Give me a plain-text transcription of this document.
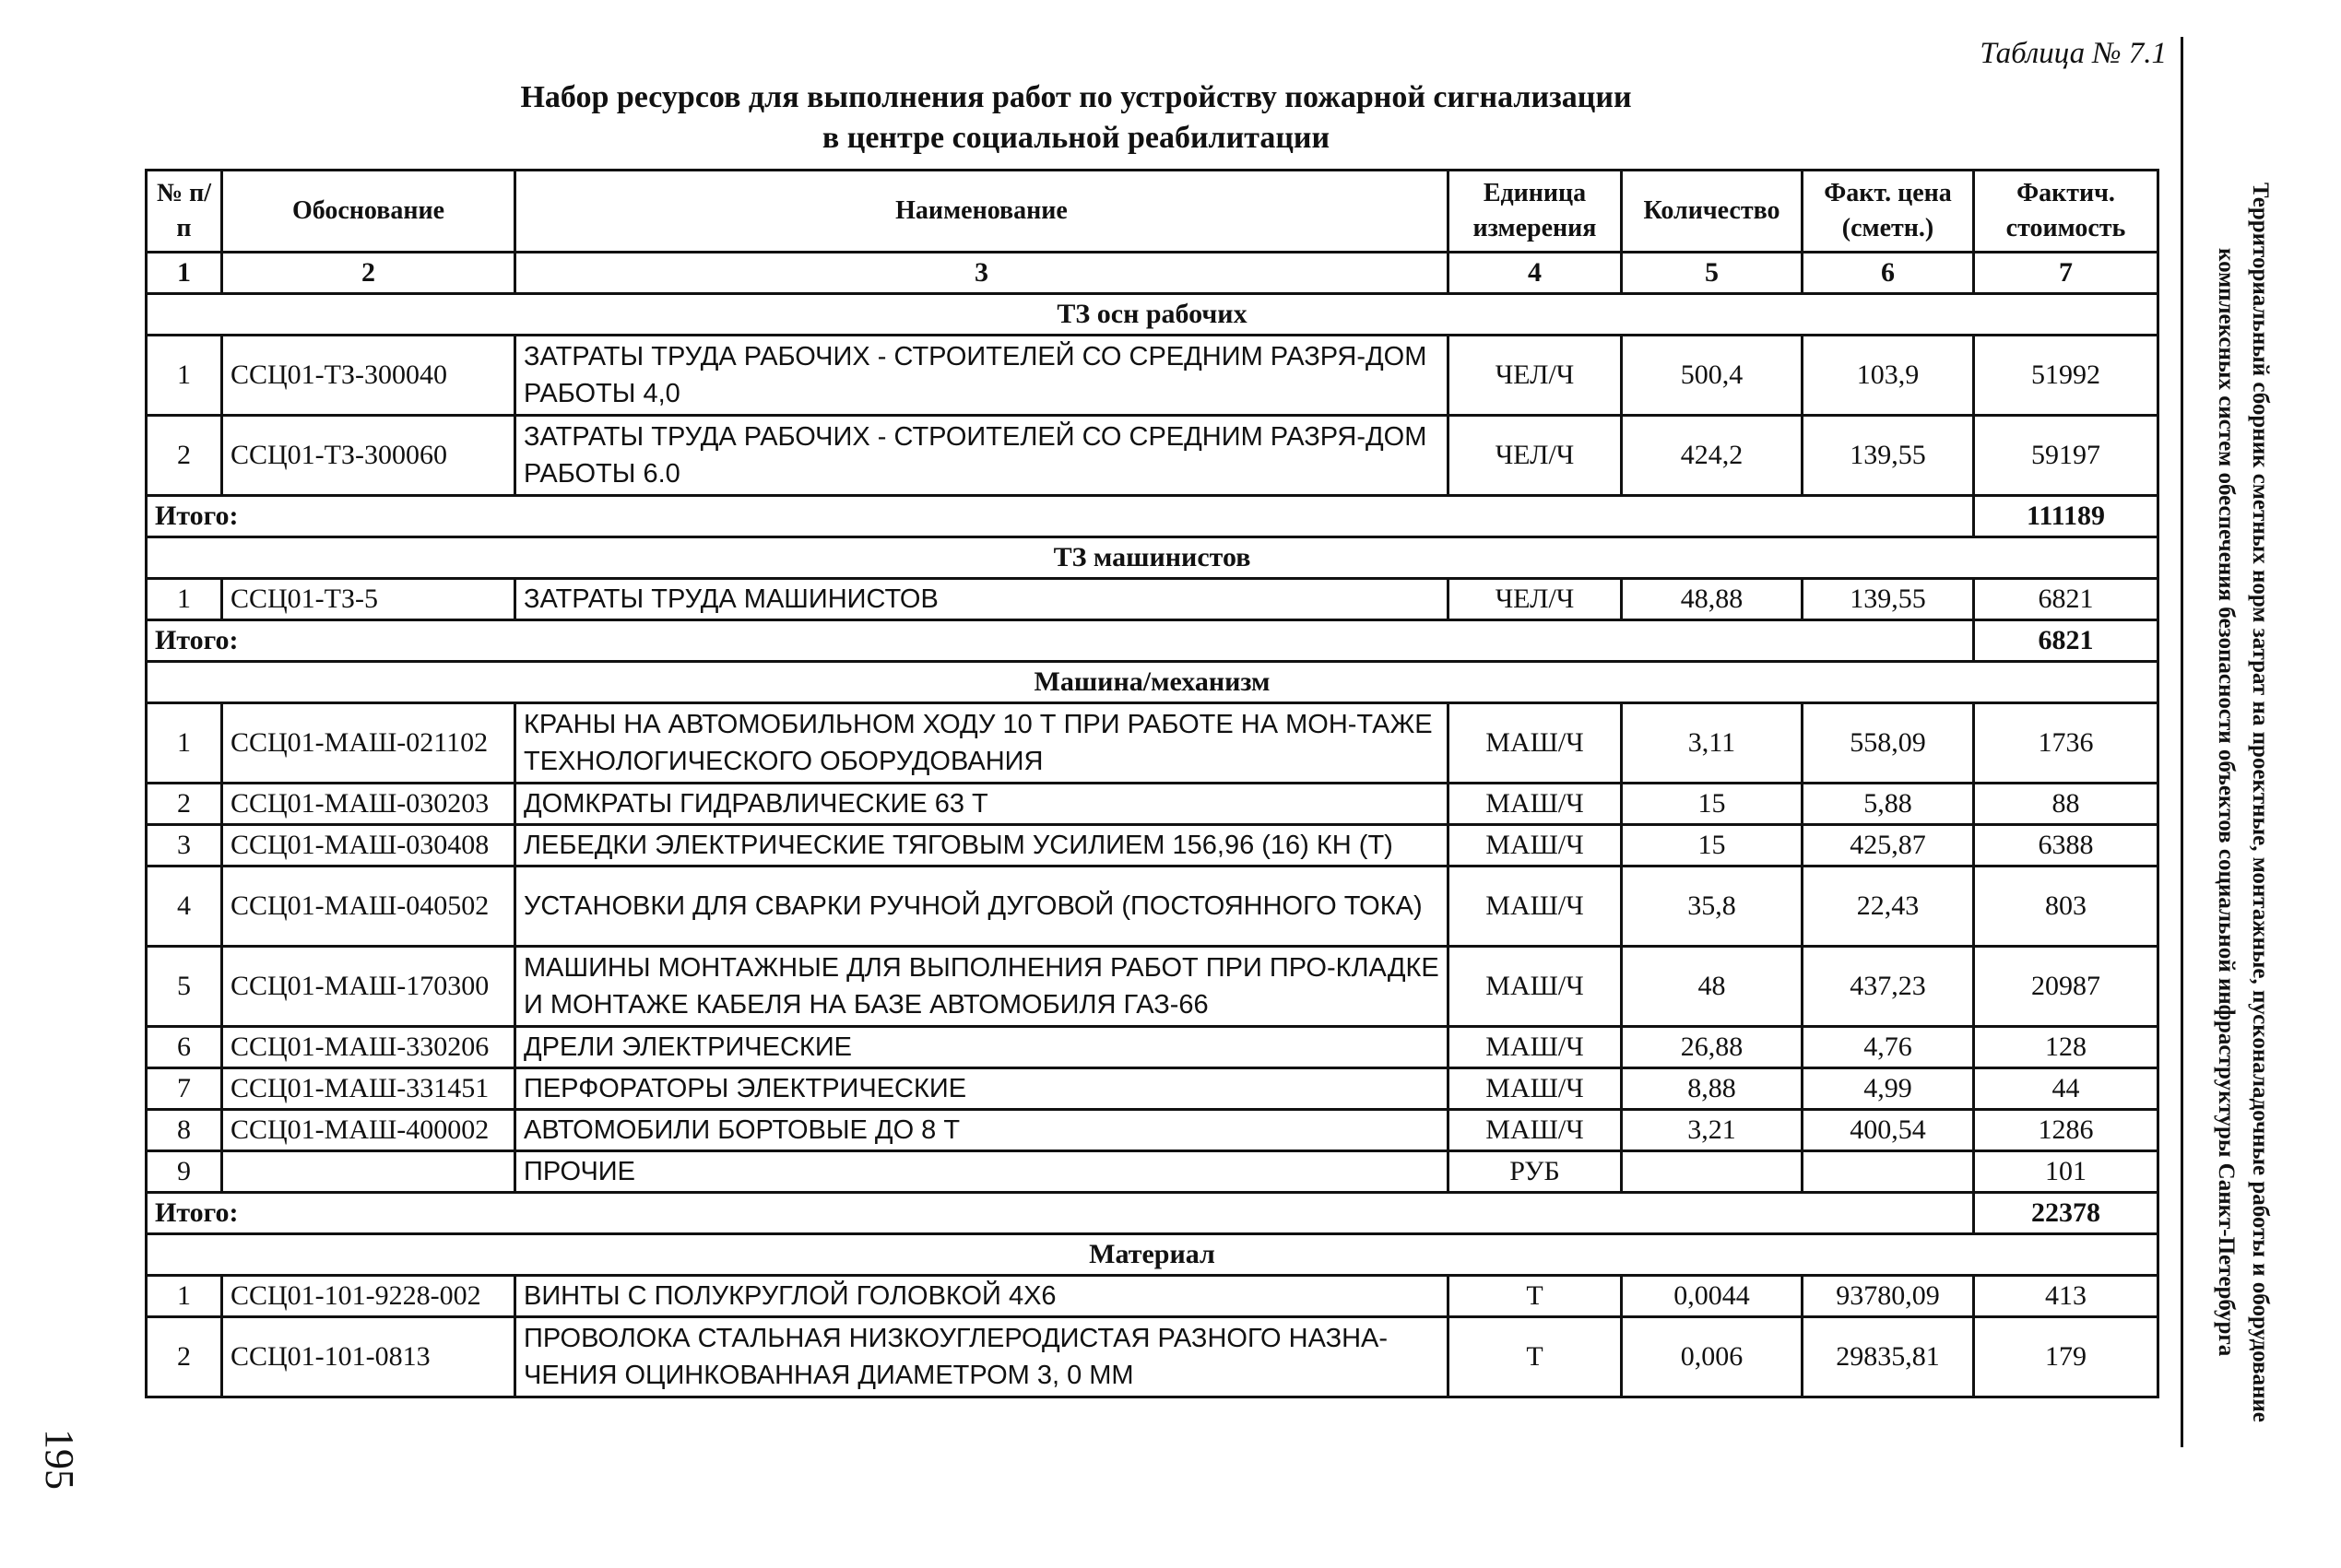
Таблица № 7.1
Набор ресурсов для выполнения работ по устройству пожарной сигнализации
в центре социальной реабилитации
Территориальный сборник сметных норм затрат на проектные, монтажные, пусконаладочные работы и оборудование комплексных систем обеспечения безопасности объектов социальной инфраструктуры Санкт-Петербурга
195
№ п/п	Обоснование	Наименование	Единица измерения	Количество	Факт. цена (сметн.)	Фактич. стоимость
1	2	3	4	5	6	7
ТЗ осн рабочих						
1	ССЦ01-ТЗ-300040	ЗАТРАТЫ ТРУДА РАБОЧИХ - СТРОИТЕЛЕЙ СО СРЕДНИМ РАЗРЯ-ДОМ РАБОТЫ 4,0	ЧЕЛ/Ч	500,4	103,9	51992
2	ССЦ01-ТЗ-300060	ЗАТРАТЫ ТРУДА РАБОЧИХ - СТРОИТЕЛЕЙ СО СРЕДНИМ РАЗРЯ-ДОМ РАБОТЫ 6.0	ЧЕЛ/Ч	424,2	139,55	59197
Итого:						111189
ТЗ машинистов						
1	ССЦ01-ТЗ-5	ЗАТРАТЫ ТРУДА МАШИНИСТОВ	ЧЕЛ/Ч	48,88	139,55	6821
Итого:						6821
Машина/механизм						
1	ССЦ01-МАШ-021102	КРАНЫ НА АВТОМОБИЛЬНОМ ХОДУ 10 Т ПРИ РАБОТЕ НА МОН-ТАЖЕ ТЕХНОЛОГИЧЕСКОГО ОБОРУДОВАНИЯ	МАШ/Ч	3,11	558,09	1736
2	ССЦ01-МАШ-030203	ДОМКРАТЫ ГИДРАВЛИЧЕСКИЕ 63 Т	МАШ/Ч	15	5,88	88
3	ССЦ01-МАШ-030408	ЛЕБЕДКИ ЭЛЕКТРИЧЕСКИЕ ТЯГОВЫМ УСИЛИЕМ 156,96 (16) КН (Т)	МАШ/Ч	15	425,87	6388
4	ССЦ01-МАШ-040502	УСТАНОВКИ ДЛЯ СВАРКИ РУЧНОЙ ДУГОВОЙ (ПОСТОЯННОГО ТОКА)	МАШ/Ч	35,8	22,43	803
5	ССЦ01-МАШ-170300	МАШИНЫ МОНТАЖНЫЕ ДЛЯ ВЫПОЛНЕНИЯ РАБОТ ПРИ ПРО-КЛАДКЕ И МОНТАЖЕ КАБЕЛЯ НА БАЗЕ АВТОМОБИЛЯ ГАЗ-66	МАШ/Ч	48	437,23	20987
6	ССЦ01-МАШ-330206	ДРЕЛИ ЭЛЕКТРИЧЕСКИЕ	МАШ/Ч	26,88	4,76	128
7	ССЦ01-МАШ-331451	ПЕРФОРАТОРЫ ЭЛЕКТРИЧЕСКИЕ	МАШ/Ч	8,88	4,99	44
8	ССЦ01-МАШ-400002	АВТОМОБИЛИ БОРТОВЫЕ ДО 8 Т	МАШ/Ч	3,21	400,54	1286
9		ПРОЧИЕ	РУБ			101
Итого:						22378
Материал						
1	ССЦ01-101-9228-002	ВИНТЫ С ПОЛУКРУГЛОЙ ГОЛОВКОЙ 4Х6	Т	0,0044	93780,09	413
2	ССЦ01-101-0813	ПРОВОЛОКА СТАЛЬНАЯ НИЗКОУГЛЕРОДИСТАЯ РАЗНОГО НАЗНА-ЧЕНИЯ ОЦИНКОВАННАЯ ДИАМЕТРОМ 3, 0 ММ	Т	0,006	29835,81	179
